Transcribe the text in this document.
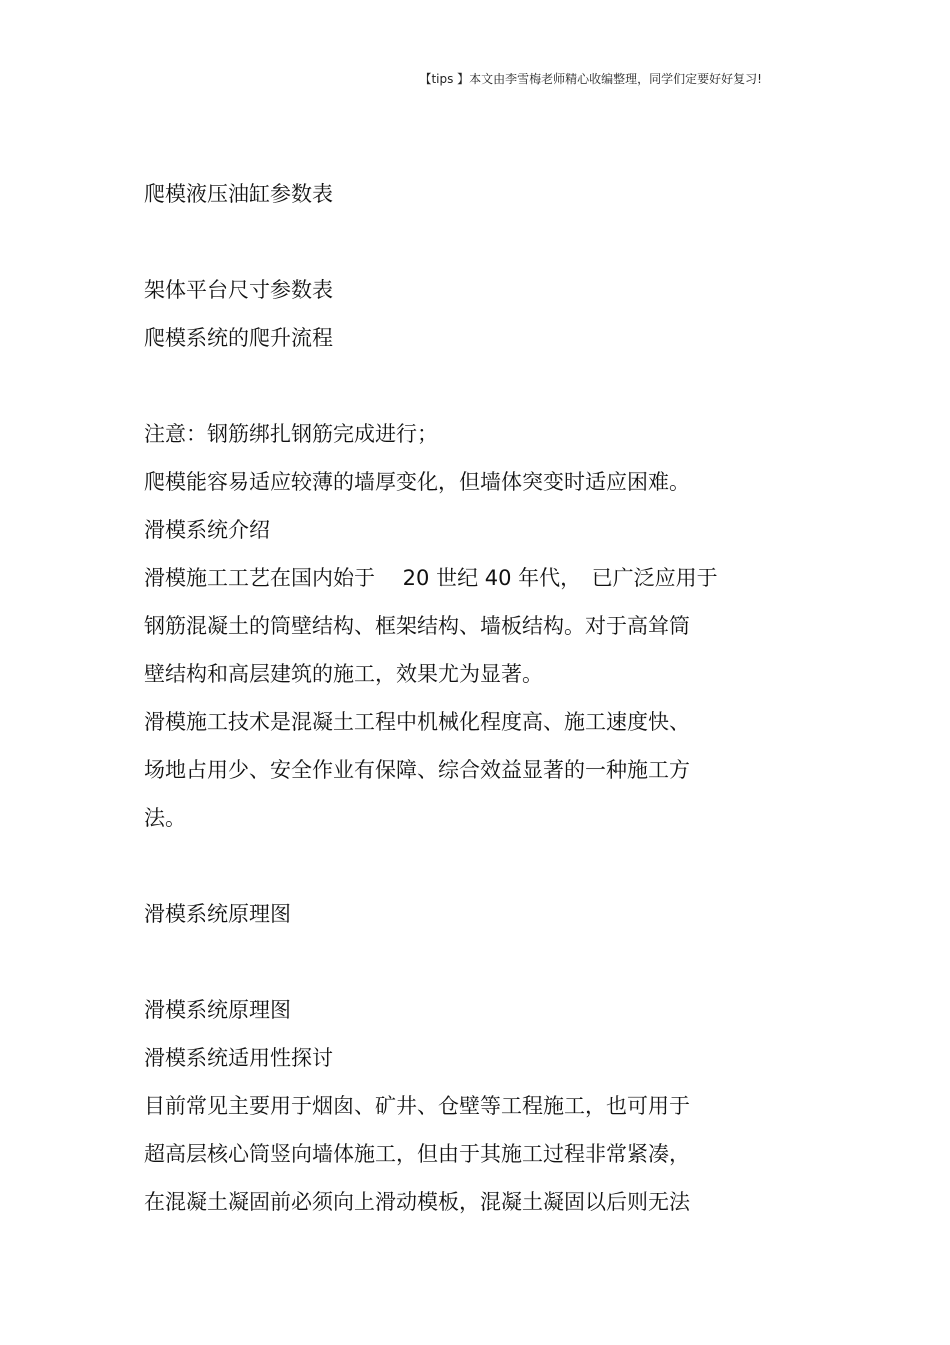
【tips 】本文由李雪梅老师精心收编整理，同学们定要好好复习!
爬模液压油缸参数表
架体平台尺寸参数表
爬模系统的爬升流程
注意：钢筋绑扎钢筋完成进行；
爬模能容易适应较薄的墙厚变化，但墙体突变时适应困难。
滑模系统介绍
滑模施工工艺在国内始于　 20 世纪 40 年代，　已广泛应用于
钢筋混凝土的筒壁结构、框架结构、墙板结构。对于高耸筒
壁结构和高层建筑的施工，效果尤为显著。
滑模施工技术是混凝土工程中机械化程度高、施工速度快、
场地占用少、安全作业有保障、综合效益显著的一种施工方
法。
滑模系统原理图
滑模系统原理图
滑模系统适用性探讨
目前常见主要用于烟囱、矿井、仓壁等工程施工，也可用于
超高层核心筒竖向墙体施工，但由于其施工过程非常紧凑，
在混凝土凝固前必须向上滑动模板，混凝土凝固以后则无法
